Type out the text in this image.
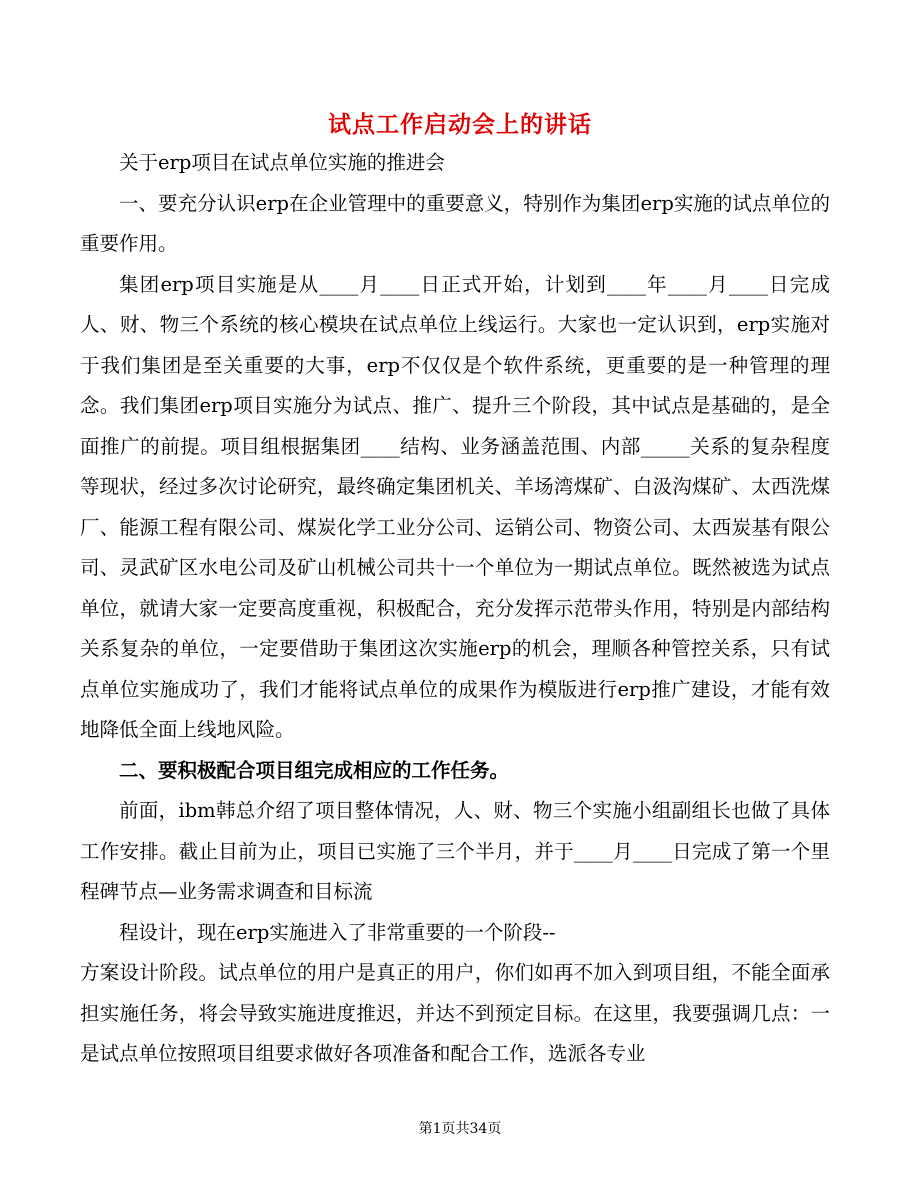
试点工作启动会上的讲话

关于erp项目在试点单位实施的推进会

一、要充分认识erp在企业管理中的重要意义，特别作为集团erp实施的试点单位的重要作用。

集团erp项目实施是从____月____日正式开始，计划到____年____月____日完成人、财、物三个系统的核心模块在试点单位上线运行。大家也一定认识到，erp实施对于我们集团是至关重要的大事，erp不仅仅是个软件系统，更重要的是一种管理的理念。我们集团erp项目实施分为试点、推广、提升三个阶段，其中试点是基础的，是全面推广的前提。项目组根据集团____结构、业务涵盖范围、内部_____关系的复杂程度等现状，经过多次讨论研究，最终确定集团机关、羊场湾煤矿、白汲沟煤矿、太西洗煤厂、能源工程有限公司、煤炭化学工业分公司、运销公司、物资公司、太西炭基有限公司、灵武矿区水电公司及矿山机械公司共十一个单位为一期试点单位。既然被选为试点单位，就请大家一定要高度重视，积极配合，充分发挥示范带头作用，特别是内部结构关系复杂的单位，一定要借助于集团这次实施erp的机会，理顺各种管控关系，只有试点单位实施成功了，我们才能将试点单位的成果作为模版进行erp推广建设，才能有效地降低全面上线地风险。

二、要积极配合项目组完成相应的工作任务。

前面，ibm韩总介绍了项目整体情况，人、财、物三个实施小组副组长也做了具体工作安排。截止目前为止，项目已实施了三个半月，并于____月____日完成了第一个里程碑节点—业务需求调查和目标流

程设计，现在erp实施进入了非常重要的一个阶段--

方案设计阶段。试点单位的用户是真正的用户，你们如再不加入到项目组，不能全面承担实施任务，将会导致实施进度推迟，并达不到预定目标。在这里，我要强调几点：一是试点单位按照项目组要求做好各项准备和配合工作，选派各专业

第1页共34页
